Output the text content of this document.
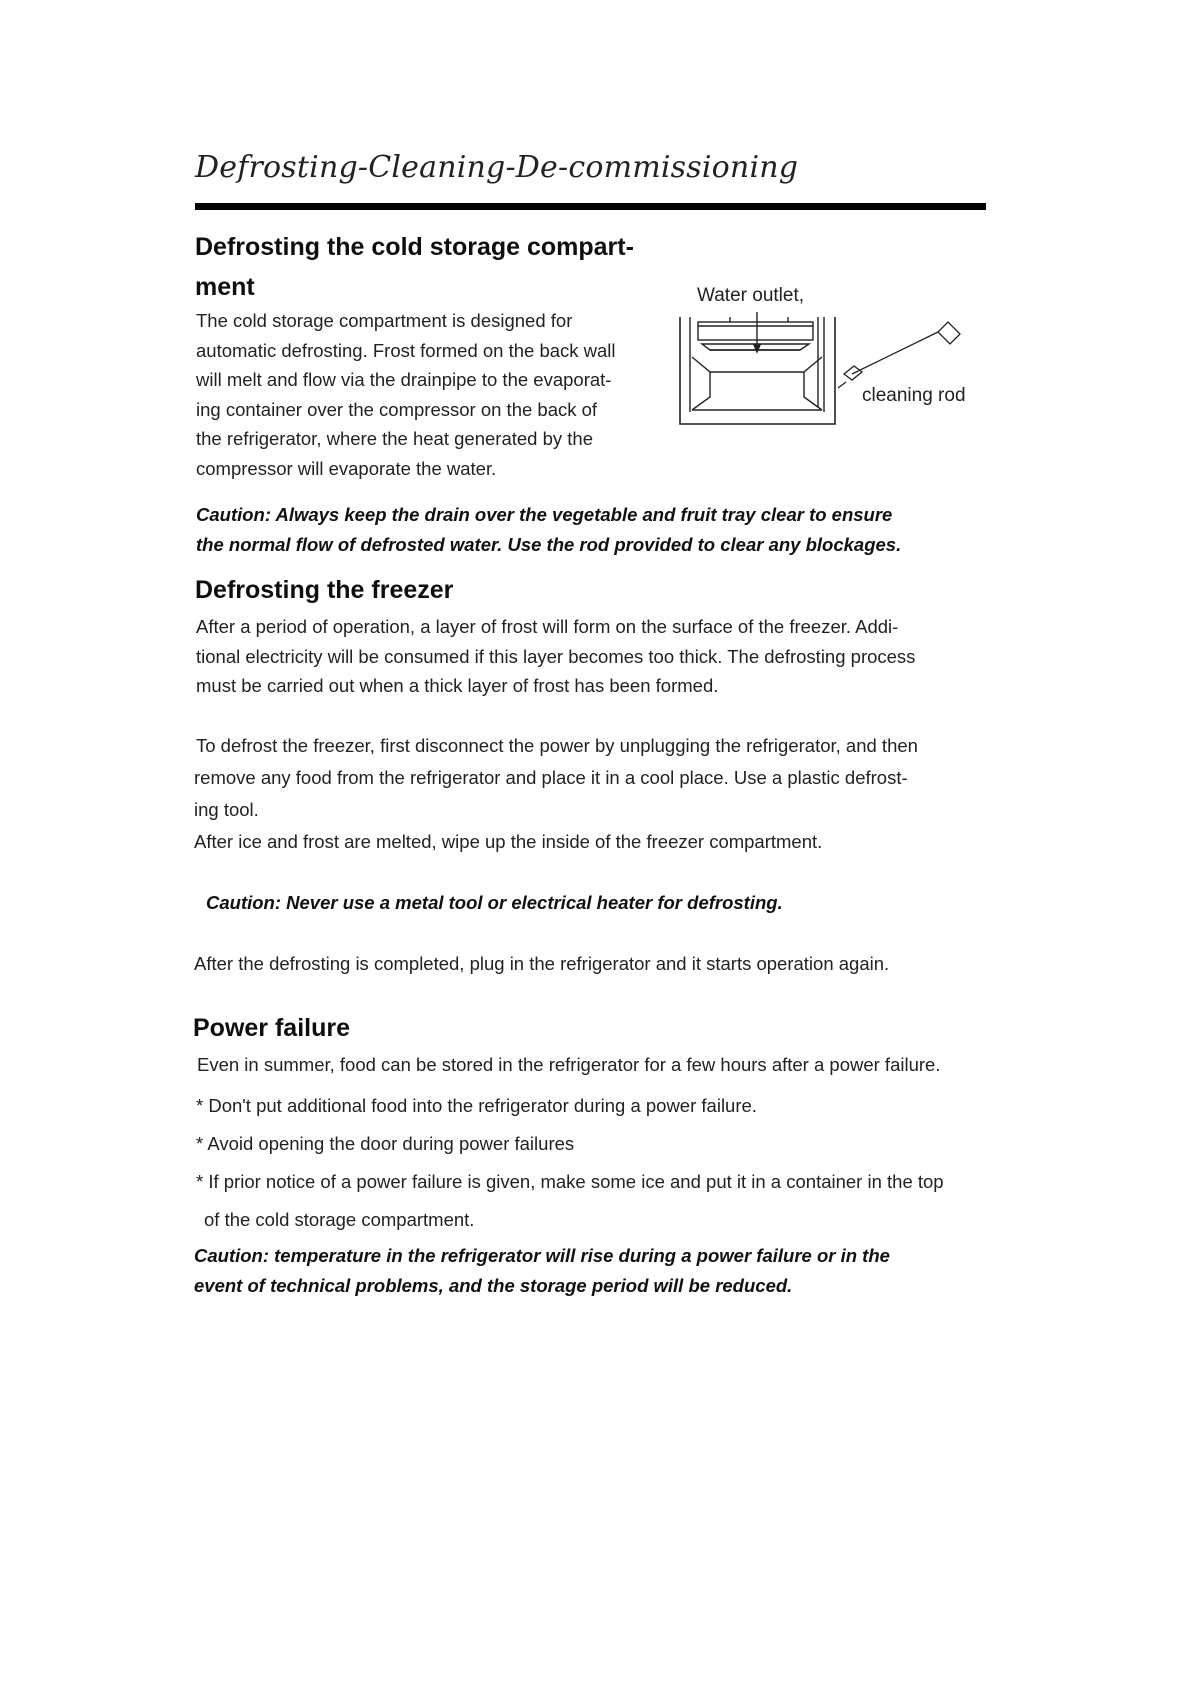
Defrosting-Cleaning-De-commissioning
Defrosting the cold storage compart-
ment
The cold storage compartment is designed for
automatic defrosting. Frost formed on the back wall
will melt and flow via the drainpipe to the evaporat-
ing container over the compressor on the back of
the refrigerator, where the heat generated by the
compressor will evaporate the water.
Water outlet,
cleaning rod
Caution: Always keep the drain over the vegetable and fruit tray clear to ensure
the normal flow of defrosted water. Use the rod provided to clear any blockages.
Defrosting the freezer
After a period of operation, a layer of frost will form on the surface of the freezer. Addi-
tional electricity will be consumed if this layer becomes too thick. The defrosting process
must be carried out when a thick layer of frost has been formed.
To defrost the freezer, first disconnect the power by unplugging the refrigerator, and then
remove any food from the refrigerator and place it in a cool place. Use a plastic defrost-
ing tool.
After ice and frost are melted, wipe up the inside of the freezer compartment.
Caution: Never use a metal tool or electrical heater for defrosting.
After the defrosting is completed, plug in the refrigerator and it starts operation again.
Power failure
Even in summer, food can be stored in the refrigerator for a few hours after a power failure.
* Don't put additional food into the refrigerator during a power failure.
* Avoid opening the door during power failures
* If prior notice of a power failure is given, make some ice and put it in a container in the top
of the cold storage compartment.
Caution: temperature in the refrigerator will rise during a power failure or in the
event of technical problems, and the storage period will be reduced.
